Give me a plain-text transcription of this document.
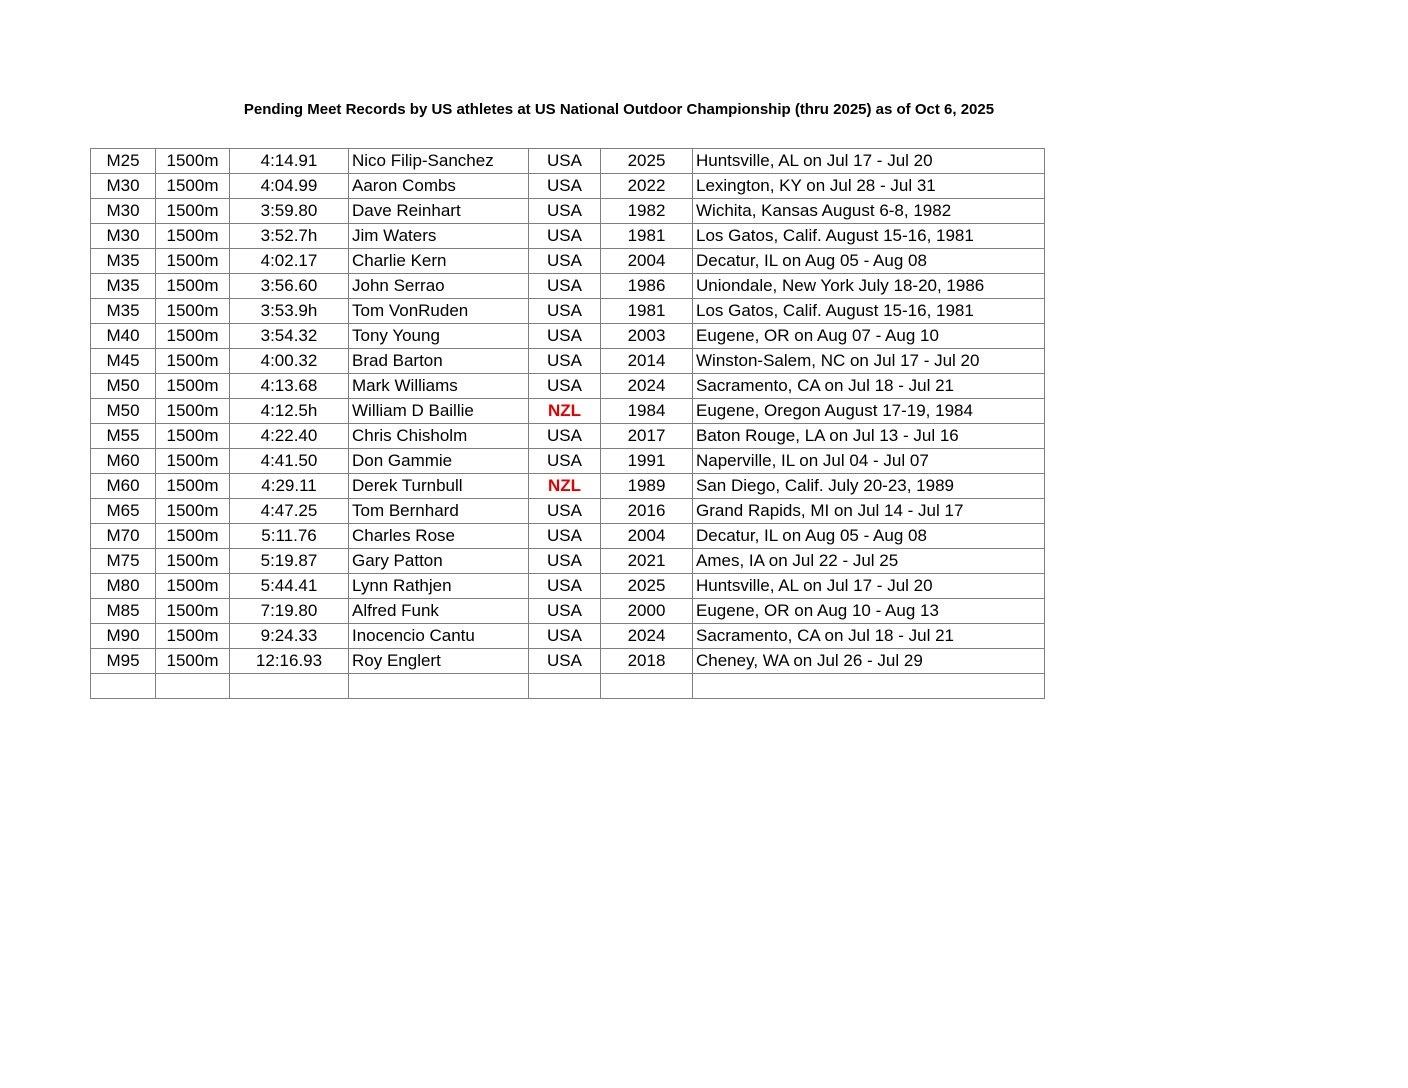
Pending Meet Records by US athletes at US National Outdoor Championship (thru 2025) as of Oct 6, 2025
M25	1500m	4:14.91	Nico Filip-Sanchez	USA	2025	Huntsville, AL on Jul 17 - Jul 20
M30	1500m	4:04.99	Aaron Combs	USA	2022	Lexington, KY on Jul 28 - Jul 31
M30	1500m	3:59.80	Dave Reinhart	USA	1982	Wichita, Kansas August 6-8, 1982
M30	1500m	3:52.7h	Jim Waters	USA	1981	Los Gatos, Calif. August 15-16, 1981
M35	1500m	4:02.17	Charlie Kern	USA	2004	Decatur, IL on Aug 05 - Aug 08
M35	1500m	3:56.60	John Serrao	USA	1986	Uniondale, New York July 18-20, 1986
M35	1500m	3:53.9h	Tom VonRuden	USA	1981	Los Gatos, Calif. August 15-16, 1981
M40	1500m	3:54.32	Tony Young	USA	2003	Eugene, OR on Aug 07 - Aug 10
M45	1500m	4:00.32	Brad Barton	USA	2014	Winston-Salem, NC on Jul 17 - Jul 20
M50	1500m	4:13.68	Mark Williams	USA	2024	Sacramento, CA on Jul 18 - Jul 21
M50	1500m	4:12.5h	William D Baillie	NZL	1984	Eugene, Oregon August 17-19, 1984
M55	1500m	4:22.40	Chris Chisholm	USA	2017	Baton Rouge, LA on Jul 13 - Jul 16
M60	1500m	4:41.50	Don Gammie	USA	1991	Naperville, IL on Jul 04 - Jul 07
M60	1500m	4:29.11	Derek Turnbull	NZL	1989	San Diego, Calif. July 20-23, 1989
M65	1500m	4:47.25	Tom Bernhard	USA	2016	Grand Rapids, MI on Jul 14 - Jul 17
M70	1500m	5:11.76	Charles Rose	USA	2004	Decatur, IL on Aug 05 - Aug 08
M75	1500m	5:19.87	Gary Patton	USA	2021	Ames, IA on Jul 22 - Jul 25
M80	1500m	5:44.41	Lynn Rathjen	USA	2025	Huntsville, AL on Jul 17 - Jul 20
M85	1500m	7:19.80	Alfred Funk	USA	2000	Eugene, OR on Aug 10 - Aug 13
M90	1500m	9:24.33	Inocencio Cantu	USA	2024	Sacramento, CA on Jul 18 - Jul 21
M95	1500m	12:16.93	Roy Englert	USA	2018	Cheney, WA on Jul 26 - Jul 29
